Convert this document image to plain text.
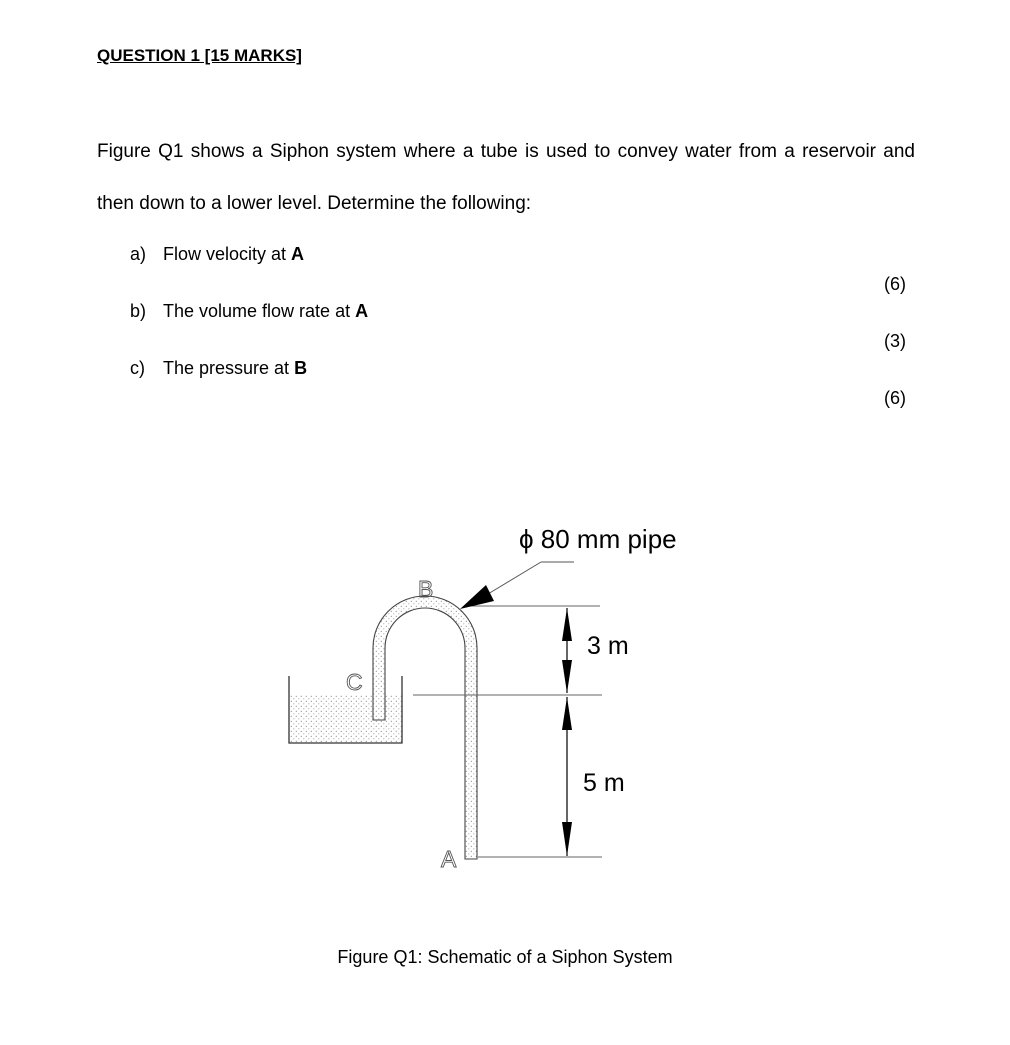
QUESTION 1 [15 MARKS]
Figure Q1 shows a Siphon system where a tube is used to convey water from a reservoir and then down to a lower level. Determine the following:
a) Flow velocity at A
(6)
b) The volume flow rate at A
(3)
c) The pressure at B
(6)
ϕ 80 mm pipe
B
C
A
3 m
5 m
Figure Q1: Schematic of a Siphon System
